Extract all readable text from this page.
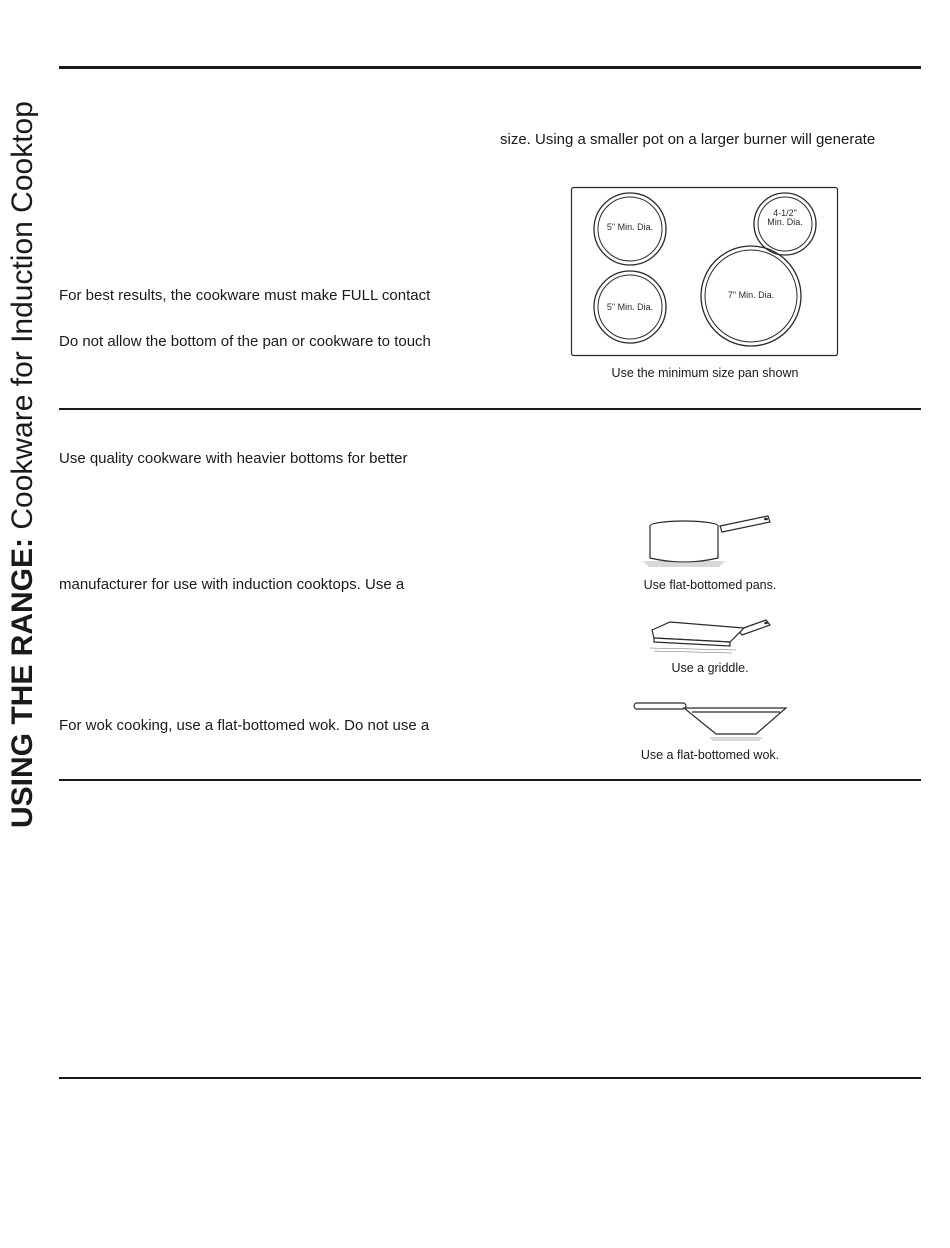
USING THE RANGE: Cookware for Induction Cooktop	size. Using a smaller pot on a larger burner will generate
For best results, the cookware must make FULL contact
Do not allow the bottom of the pan or cookware to touch
Use quality cookware with heavier bottoms for better
manufacturer for use with induction cooktops. Use a
For wok cooking, use a flat-bottomed wok. Do not use a
5" Min. Dia.
5" Min. Dia.
4-1/2"
Min. Dia.
7" Min. Dia.
Use the minimum size pan shown
Use flat-bottomed pans.
Use a griddle.
Use a flat-bottomed wok.
